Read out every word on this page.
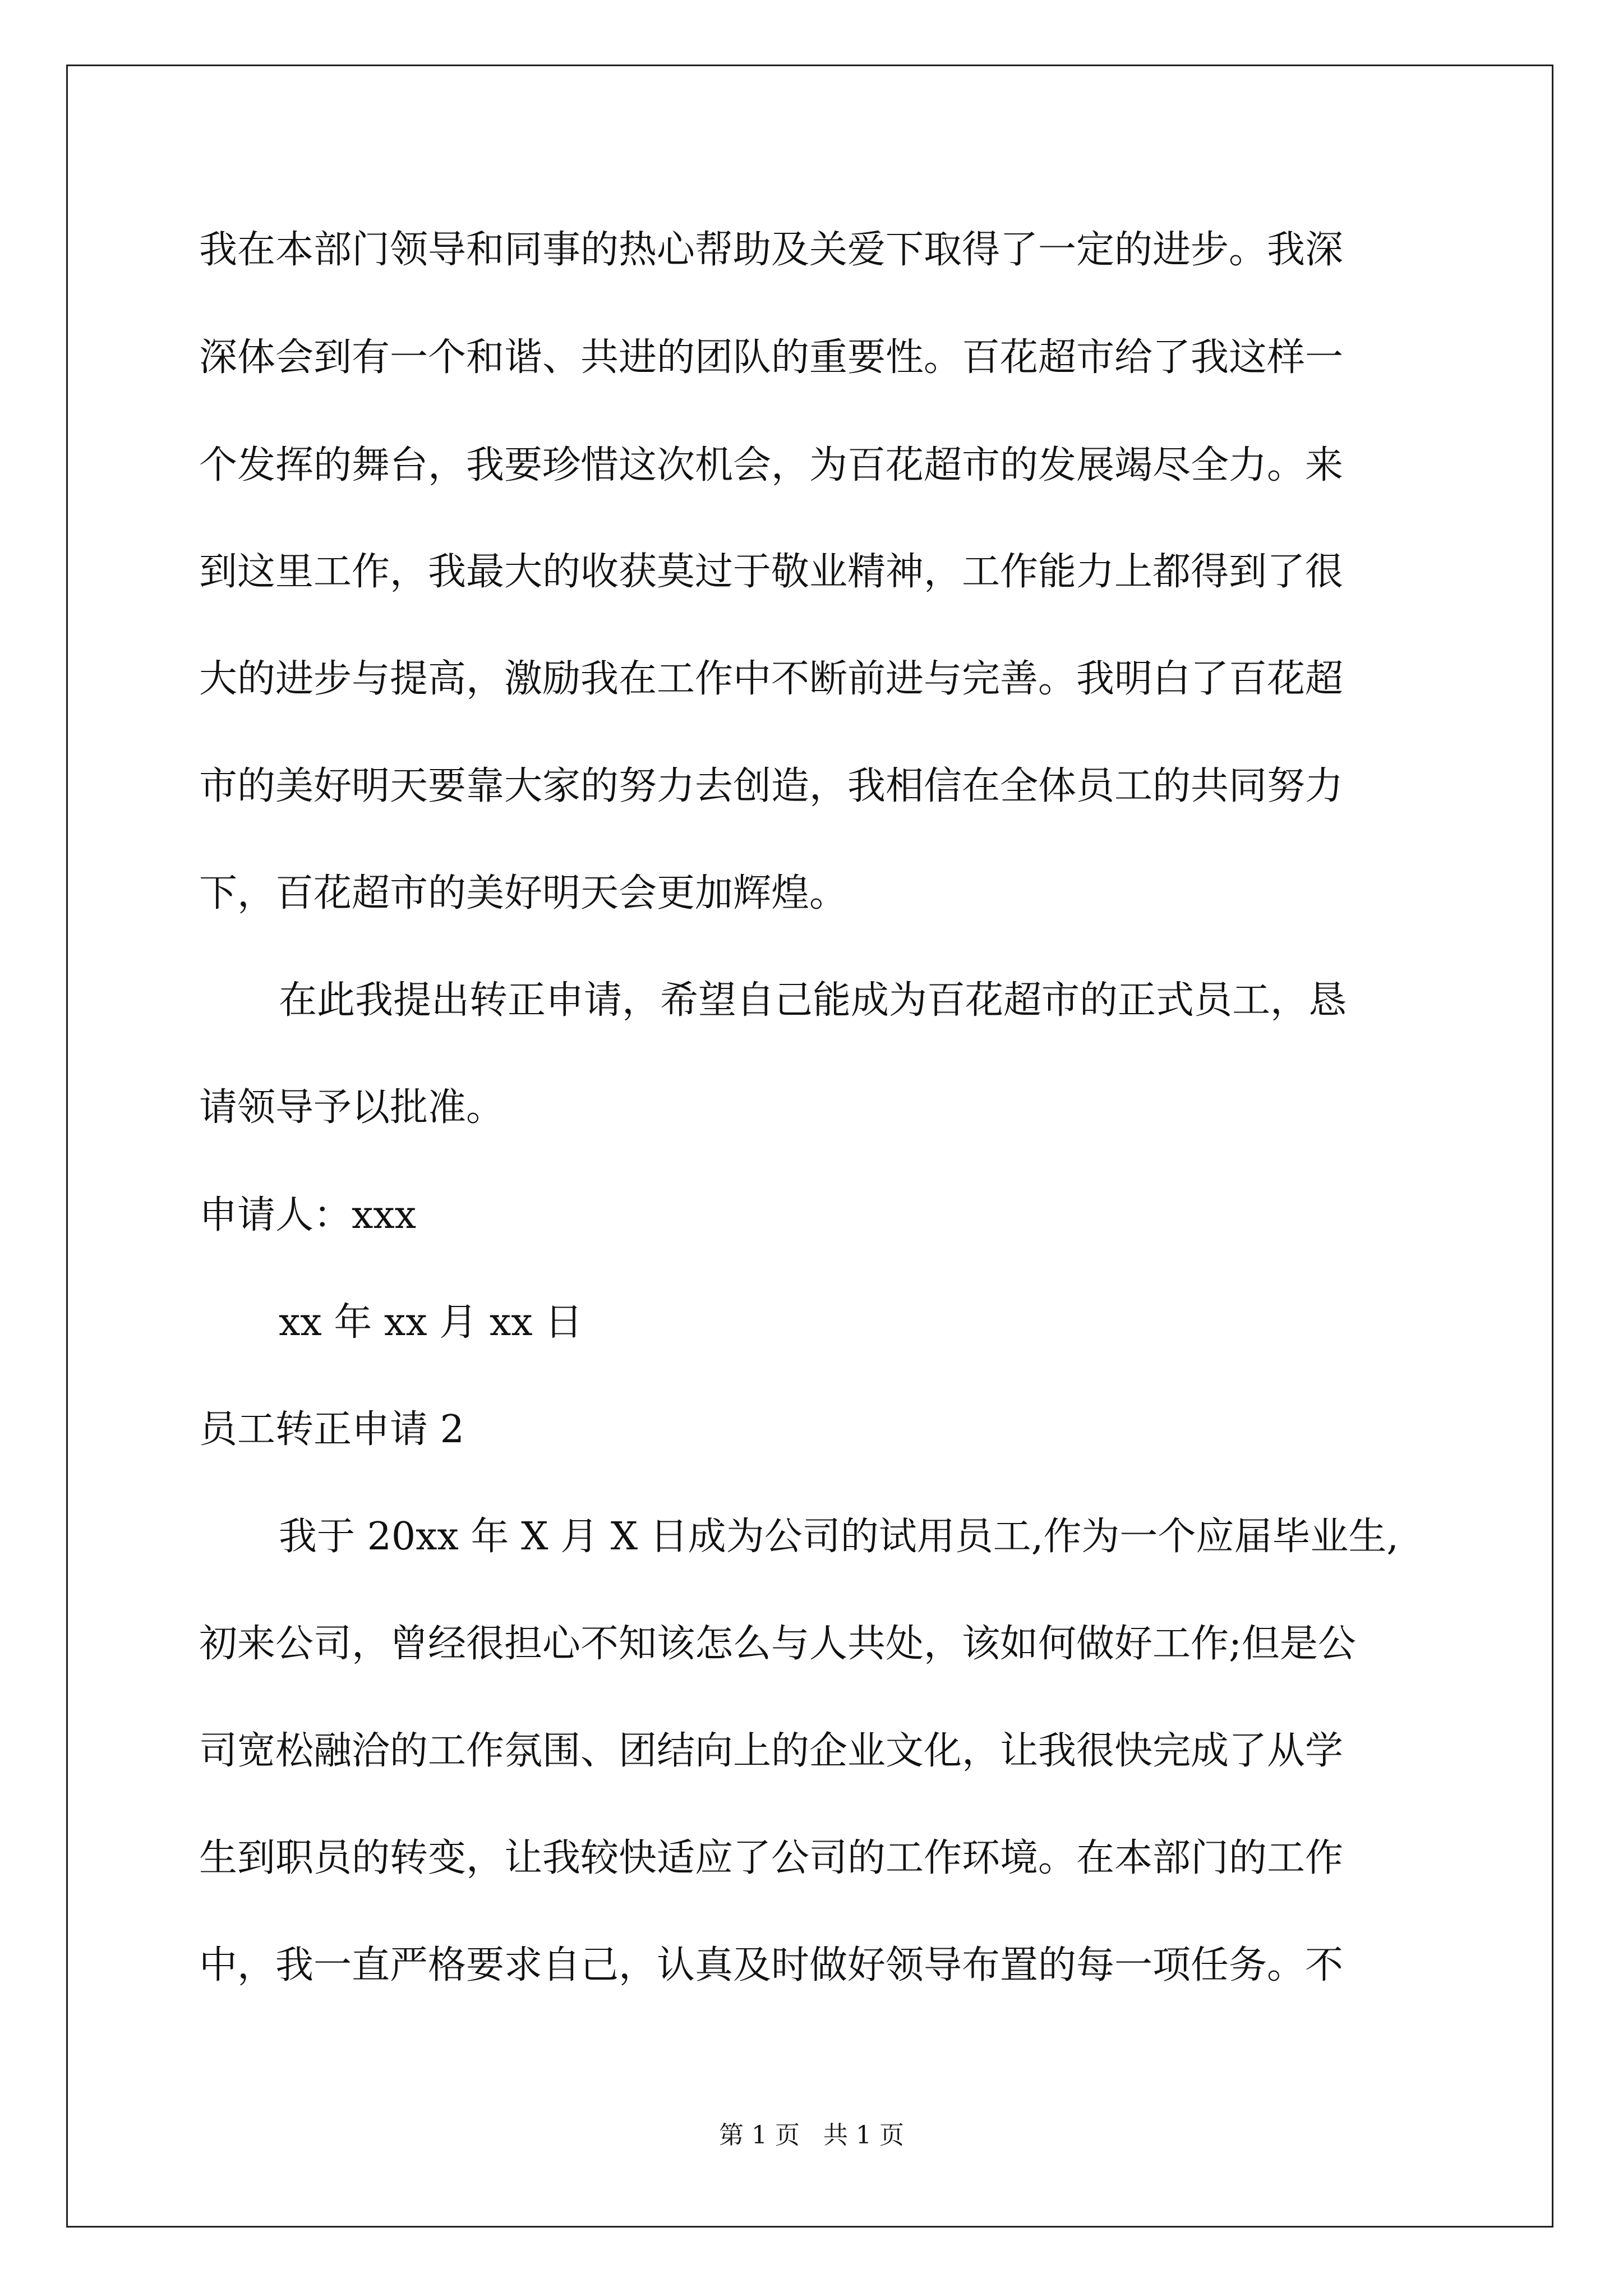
我在本部门领导和同事的热心帮助及关爱下取得了一定的进步。我深
深体会到有一个和谐、共进的团队的重要性。百花超市给了我这样一
个发挥的舞台，我要珍惜这次机会，为百花超市的发展竭尽全力。来
到这里工作，我最大的收获莫过于敬业精神，工作能力上都得到了很
大的进步与提高，激励我在工作中不断前进与完善。我明白了百花超
市的美好明天要靠大家的努力去创造，我相信在全体员工的共同努力
下，百花超市的美好明天会更加辉煌。
在此我提出转正申请，希望自己能成为百花超市的正式员工，恳
请领导予以批准。
申请人：xxx
xx 年 xx 月 xx 日
员工转正申请 2
我于 20xx 年 X 月 X 日成为公司的试用员工,作为一个应届毕业生,
初来公司，曾经很担心不知该怎么与人共处，该如何做好工作;但是公
司宽松融洽的工作氛围、团结向上的企业文化，让我很快完成了从学
生到职员的转变，让我较快适应了公司的工作环境。在本部门的工作
中，我一直严格要求自己，认真及时做好领导布置的每一项任务。不
第 1 页   共 1 页
